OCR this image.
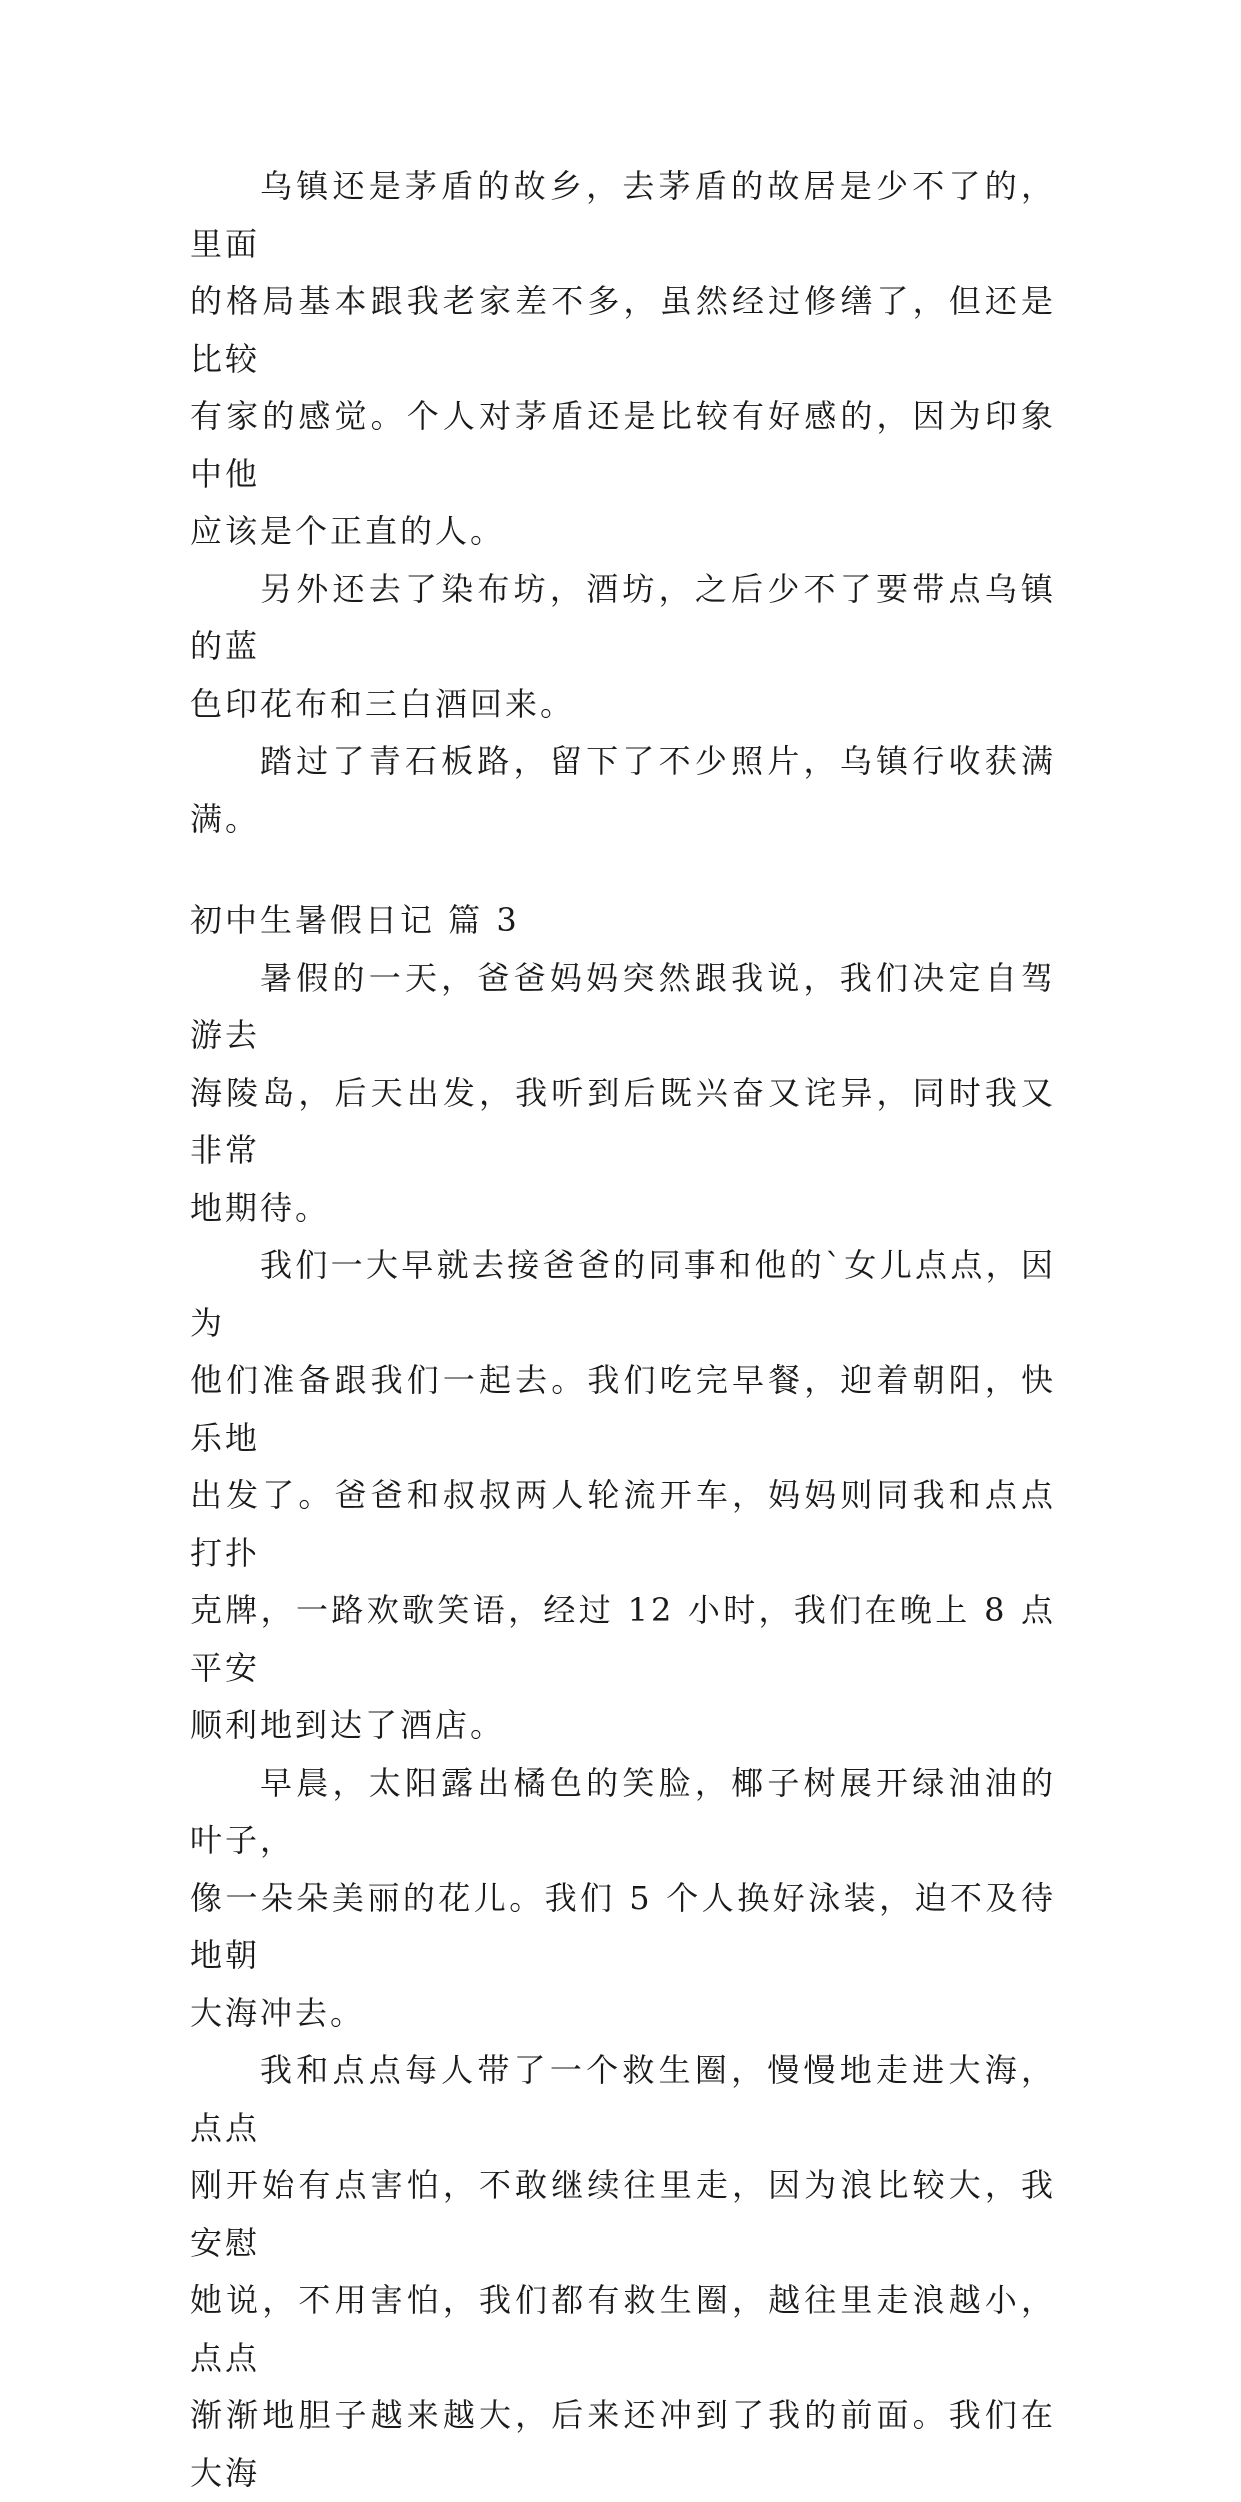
乌镇还是茅盾的故乡，去茅盾的故居是少不了的，里面
的格局基本跟我老家差不多，虽然经过修缮了，但还是比较
有家的感觉。个人对茅盾还是比较有好感的，因为印象中他
应该是个正直的人。

另外还去了染布坊，酒坊，之后少不了要带点乌镇的蓝
色印花布和三白酒回来。

踏过了青石板路，留下了不少照片，乌镇行收获满满。

初中生暑假日记 篇 3

暑假的一天，爸爸妈妈突然跟我说，我们决定自驾游去
海陵岛，后天出发，我听到后既兴奋又诧异，同时我又非常
地期待。

我们一大早就去接爸爸的同事和他的`女儿点点，因为
他们准备跟我们一起去。我们吃完早餐，迎着朝阳，快乐地
出发了。爸爸和叔叔两人轮流开车，妈妈则同我和点点打扑
克牌，一路欢歌笑语，经过 12 小时，我们在晚上 8 点平安
顺利地到达了酒店。

早晨，太阳露出橘色的笑脸，椰子树展开绿油油的叶子，
像一朵朵美丽的花儿。我们 5 个人换好泳装，迫不及待地朝
大海冲去。

我和点点每人带了一个救生圈，慢慢地走进大海，点点
刚开始有点害怕，不敢继续往里走，因为浪比较大，我安慰
她说，不用害怕，我们都有救生圈，越往里走浪越小，点点
渐渐地胆子越来越大，后来还冲到了我的前面。我们在大海
